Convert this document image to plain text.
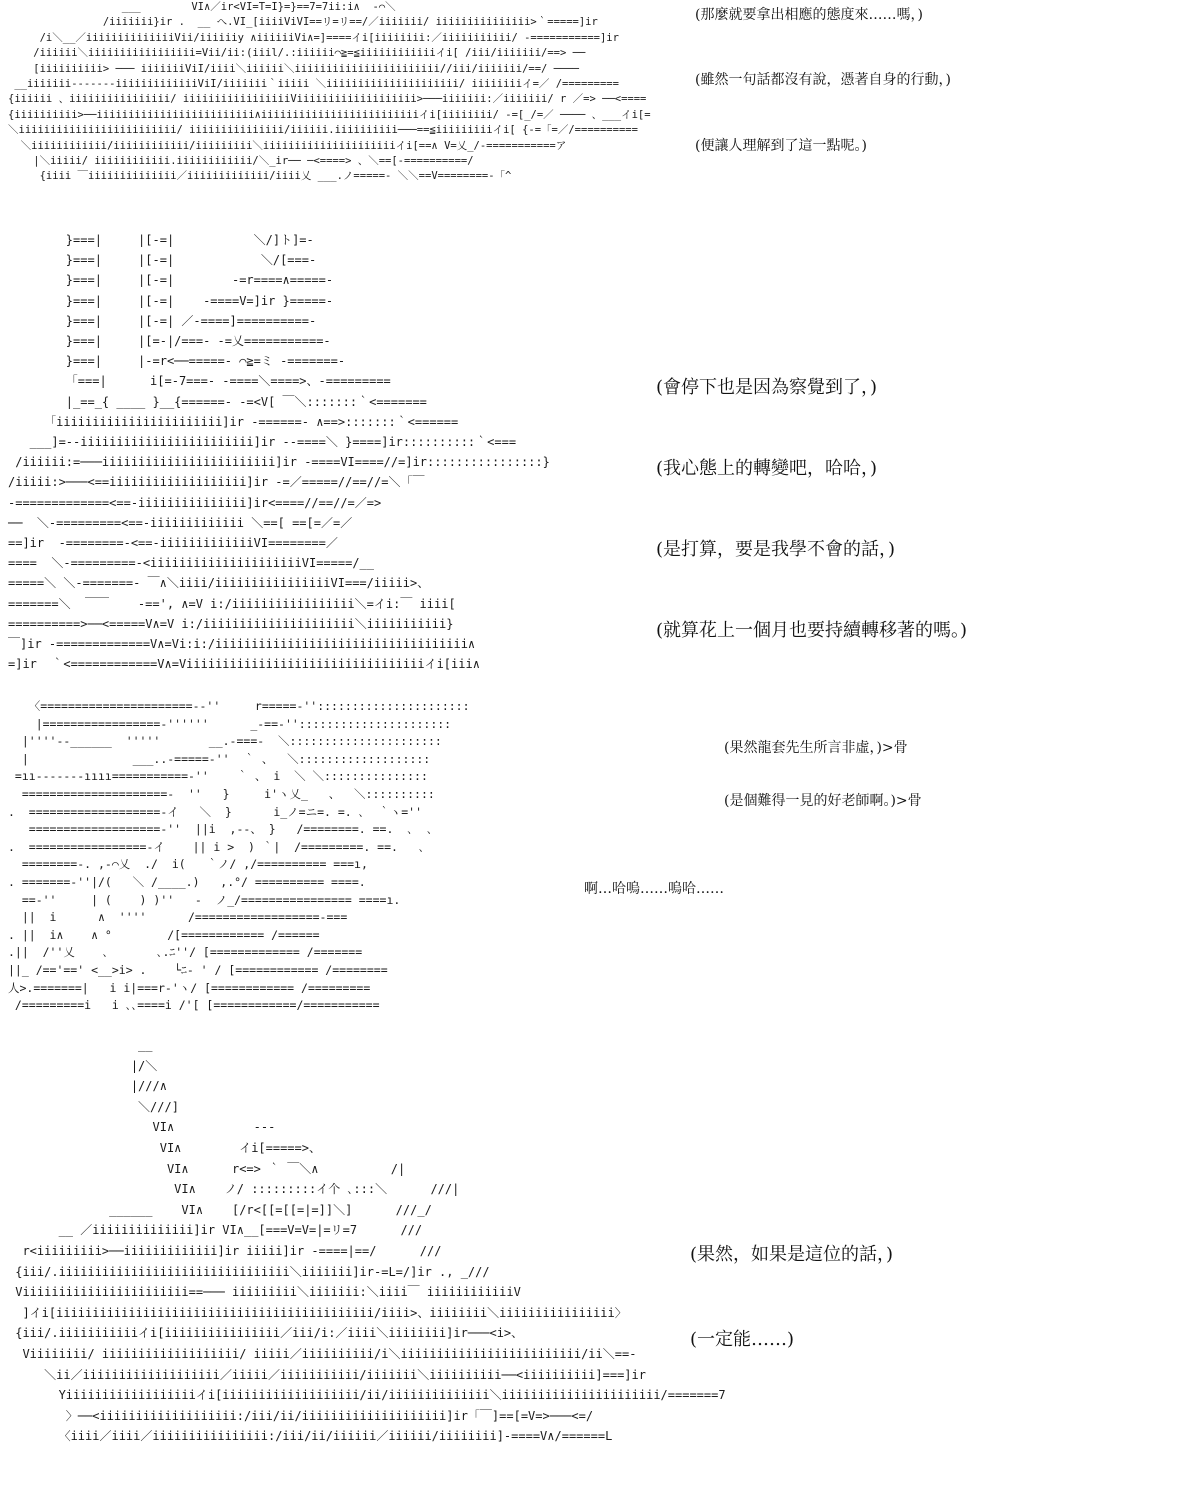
___        VI∧／ir<VI=T=I}=}==7=7ii:i∧  -⌒＼
/iiiiiii}ir .  __ へ.VI_[iiiiViVI==リ=リ==/／iiiiiii/ iiiiiiiiiiiiiii>｀=====]ir
/i＼__／iiiiiiiiiiiiiiVii/iiiiiiy ∧iiiiiiVi∧=]====イi[iiiiiiii:／iiiiiiiiiii/ -===========]ir
/iiiiii＼iiiiiiiiiiiiiiiii=Vii/ii:(iiil/.:iiiiii⌒≧=≦iiiiiiiiiiiiイi[ /iii/iiiiiii/==> ──
[iiiiiiiiii> ─── iiiiiiiViI/iiii＼iiiiii＼iiiiiiiiiiiiiiiiiiiiiii//iii/iiiiiii/==/ ────
__iiiiiii-------iiiiiiiiiiiiiViI/iiiiiii｀iiiii ＼iiiiiiiiiiiiiiiiiiiii/ iiiiiiiiイ=／ /=========
{iiiiii 、iiiiiiiiiiiiiiii/ iiiiiiiiiiiiiiiiiViiiiiiiiiiiiiiiiiii>───iiiiiii:／iiiiiii/ r ／=> ──<====
{iiiiiiiiii>──iiiiiiiiiiiiiiiiiiiiiiiii∧iiiiiiiiiiiiiiiiiiiiiiiiiイi[iiiiiiii/ -=[_/=／ ──── 、___イi[=
＼iiiiiiiiiiiiiiiiiiiiiiiii/ iiiiiiiiiiiiiii/iiiiii.iiiiiiiiii───==≦iiiiiiiiiイi[ {-=「=／/==========
＼iiiiiiiiiiii/iiiiiiiiiiii/iiiiiiiii＼iiiiiiiiiiiiiiiiiiiiiイi[==∧ V=乂_/-===========ア
|＼iiiii/ iiiiiiiiiiii.iiiiiiiiiiii/＼_ir── ─<====> 、＼==[-==========/
{iiii ￣iiiiiiiiiiiiii／iiiiiiiiiiiii/iiii乂 ___.ノ=====- ＼＼==V========-「^
(那麼就要拿出相應的態度來……嗎，)
(雖然一句話都沒有說，憑著自身的行動，)
(便讓人理解到了這一點呢。)
}===|     |[-=|           ＼/]ト]=-
}===|     |[-=|            ＼/[===-
}===|     |[-=|        -=r====∧=====-
}===|     |[-=|    -====V=]ir }=====-
}===|     |[-=| ／-====]==========-
}===|     |[=-|/===- -=乂===========-
}===|     |-=r<──=====- ⌒≧=ミ -=======-
「===|      i[=-7===- -====＼====>、-=========
|_==_{ ____ }__{======- -=<V[ ￣＼:::::::｀<=======
「iiiiiiiiiiiiiiiiiiiiiii]ir -======- ∧==>:::::::｀<======
___]=--iiiiiiiiiiiiiiiiiiiiiiii]ir --====＼ }====]ir::::::::::｀<===
/iiiiii:=───iiiiiiiiiiiiiiiiiiiiiiii]ir -====VI====//=]ir::::::::::::::::}
/iiiii:>───<==iiiiiiiiiiiiiiiiiii]ir -=／=====//==//=＼「￣
-=============<==-iiiiiiiiiiiiiii]ir<====//==//=／=>
──  ＼-=========<==-iiiiiiiiiiiii ＼==[ ==[=／=／
==]ir  -========-<==-iiiiiiiiiiiiiVI========／
====  ＼-=========-<iiiiiiiiiiiiiiiiiiiiiVI=====/__
=====＼ ＼-=======- ￣∧＼iiii/iiiiiiiiiiiiiiiiVI===/iiiii>、
=======＼  ￣￣    -==', ∧=V i:/iiiiiiiiiiiiiiiii＼=イi:￣ iiii[
==========>──<=====V∧=V i:/iiiiiiiiiiiiiiiiiiiii＼iiiiiiiiiii}
￣]ir -=============V∧=Vi:i:/iiiiiiiiiiiiiiiiiiiiiiiiiiiiiiiiiii∧
=]ir  ｀<============V∧=Viiiiiiiiiiiiiiiiiiiiiiiiiiiiiiiiiイi[iii∧
(會停下也是因為察覺到了，)
(我心態上的轉變吧，哈哈，)
(是打算，要是我學不會的話，)
(就算花上一個月也要持續轉移著的嗎。)
〈======================--''     r=====-''::::::::::::::::::::::
|=================-''''''      _-==-''::::::::::::::::::::::
|''''--______  '''''       __.-===-  ＼::::::::::::::::::::::
|               ___..-=====-''  ｀ 、  ＼:::::::::::::::::::
=ıı-------ıııı===========-''    ｀ 、 i  ＼ ＼:::::::::::::::
=====================-  ''   }     i'ヽ乂_   、  ＼::::::::::
.  ===================-イ   ＼  }      i_ノ=ニ=. =. ､  ｀ヽ=''
===================-''  ||i  ,--、 }   /========. ==.  ､  ､
.  =================-イ    || i >  ) ｀|  /=========. ==.   ､
========-. ,-⌒乂  ./  i(   ｀ノ/ ,/========== ===ı,
. =======-''|/(   ＼ /____.)   ,.°/ ========== ====.
==-''     | (    ) )''   -  ノ_/================ ====ı.
||  i      ∧  ''''      /==================-===
. ||  i∧    ∧ °        /[============ /======
.||  /''乂    ､       ､.ﾆ''/ [============= /=======
||_ /=='==' <__>i> .    └ﾆ‐ ' / [============ /========
人>.=======|   i i|===r-'ヽ/ [============ /=========
/=========i   i ､､====i /'[ [============/===========
(果然龍套先生所言非虛，)>骨
(是個難得一見的好老師啊。)>骨
啊…哈嗚……嗚哈……
__
|/＼
|///∧
＼///]
VI∧           ---
VI∧        イi[=====>、
VI∧      r<=> ｀ ￣＼∧          /|
VI∧    ノ/ :::::::::イ个 ､:::＼      ///|
______    VI∧    [/r<[[=[[=|=]]＼]      ///_/
__ ／iiiiiiiiiiiiii]ir VI∧__[===V=V=|=リ=7      ///
r<iiiiiiiii>──iiiiiiiiiiiii]ir iiiii]ir -====|==/      ///
{iii/.iiiiiiiiiiiiiiiiiiiiiiiiiiiiiiii＼iiiiiii]ir-=L=/]ir ., _///
Viiiiiiiiiiiiiiiiiiiiiii==─── iiiiiiiii＼iiiiiii:＼iiii￣ iiiiiiiiiiiiV
]イi[iiiiiiiiiiiiiiiiiiiiiiiiiiiiiiiiiiiiiiiiiiii/iiii>、iiiiiiii＼iiiiiiiiiiiiiiii〉
{iii/.iiiiiiiiiiiイi[iiiiiiiiiiiiiiii／iii/i:／iiii＼iiiiiiii]ir───<i>、
Viiiiiiii/ iiiiiiiiiiiiiiiiiii/ iiiii／iiiiiiiiii/i＼iiiiiiiiiiiiiiiiiiiiiiiii/ii＼==-
＼ii／iiiiiiiiiiiiiiiiiii／iiiii／iiiiiiiiiii/iiiiiii＼iiiiiiiiii──<iiiiiiiiii]===]ir
Yiiiiiiiiiiiiiiiiiiイi[iiiiiiiiiiiiiiiiiii/ii/iiiiiiiiiiiiii＼iiiiiiiiiiiiiiiiiiiiii/=======7
〉──<iiiiiiiiiiiiiiiiiii:/iii/ii/iiiiiiiiiiiiiiiiiiii]ir「￣]==[=V=>───<=/
〈iiii／iiii／iiiiiiiiiiiiiiii:/iii/ii/iiiiii／iiiiii/iiiiiiii]-====V∧/======L
(果然，如果是這位的話，)
(一定能……)
